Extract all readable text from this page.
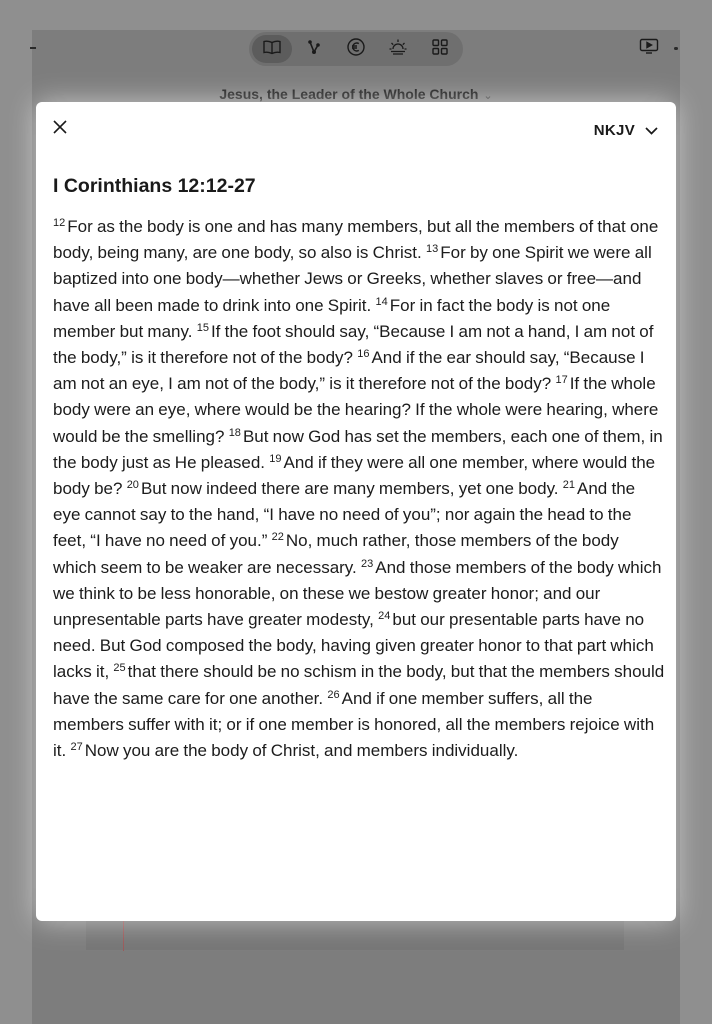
Jesus, the Leader of the Whole Church ⌄
NKJV
I Corinthians 12:12-27
$^{12}$ For as the body is one and has many members, but all the members of that one body, being many, are one body, so also is Christ. $^{13}$ For by one Spirit we were all baptized into one body—whether Jews or Greeks, whether slaves or free—and have all been made to drink into one Spirit. $^{14}$ For in fact the body is not one member but many. $^{15}$ If the foot should say, “Because I am not a hand, I am not of the body,” is it therefore not of the body? $^{16}$ And if the ear should say, “Because I am not an eye, I am not of the body,” is it therefore not of the body? $^{17}$ If the whole body were an eye, where would be the hearing? If the whole were hearing, where would be the smelling? $^{18}$ But now God has set the members, each one of them, in the body just as He pleased. $^{19}$ And if they were all one member, where would the body be? $^{20}$ But now indeed there are many members, yet one body. $^{21}$ And the eye cannot say to the hand, “I have no need of you”; nor again the head to the feet, “I have no need of you.” $^{22}$ No, much rather, those members of the body which seem to be weaker are necessary. $^{23}$ And those members of the body which we think to be less honorable, on these we bestow greater honor; and our unpresentable parts have greater modesty, $^{24}$ but our presentable parts have no need. But God composed the body, having given greater honor to that part which lacks it, $^{25}$ that there should be no schism in the body, but that the members should have the same care for one another. $^{26}$ And if one member suffers, all the members suffer with it; or if one member is honored, all the members rejoice with it. $^{27}$ Now you are the body of Christ, and members individually.
